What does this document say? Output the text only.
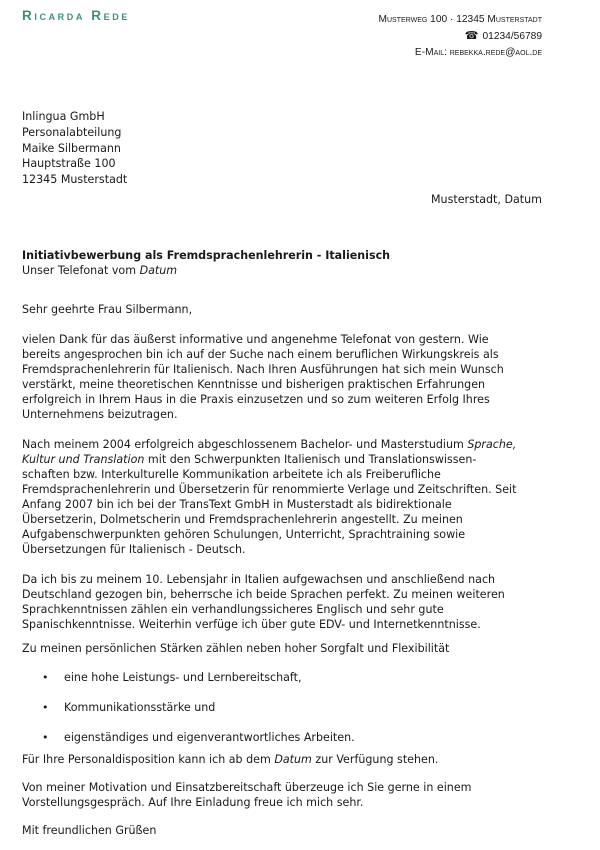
Ricarda Rede	Musterweg 100 · 12345 Musterstadt
☎ 01234/56789
E-Mail: rebekka.rede@aol.de
Inlingua GmbH
Personalabteilung
Maike Silbermann
Hauptstraße 100
12345 Musterstadt
Musterstadt, Datum
Initiativbewerbung als Fremdsprachenlehrerin - Italienisch
Unser Telefonat vom Datum

Sehr geehrte Frau Silbermann,

vielen Dank für das äußerst informative und angenehme Telefonat von gestern. Wie
bereits angesprochen bin ich auf der Suche nach einem beruflichen Wirkungskreis als
Fremdsprachenlehrerin für Italienisch. Nach Ihren Ausführungen hat sich mein Wunsch
verstärkt, meine theoretischen Kenntnisse und bisherigen praktischen Erfahrungen
erfolgreich in Ihrem Haus in die Praxis einzusetzen und so zum weiteren Erfolg Ihres
Unternehmens beizutragen.

Nach meinem 2004 erfolgreich abgeschlossenem Bachelor- und Masterstudium Sprache,
Kultur und Translation mit den Schwerpunkten Italienisch und Translationswissen-
schaften bzw. Interkulturelle Kommunikation arbeitete ich als Freiberufliche
Fremdsprachenlehrerin und Übersetzerin für renommierte Verlage und Zeitschriften. Seit
Anfang 2007 bin ich bei der TransText GmbH in Musterstadt als bidirektionale
Übersetzerin, Dolmetscherin und Fremdsprachenlehrerin angestellt. Zu meinen
Aufgabenschwerpunkten gehören Schulungen, Unterricht, Sprachtraining sowie
Übersetzungen für Italienisch - Deutsch.

Da ich bis zu meinem 10. Lebensjahr in Italien aufgewachsen und anschließend nach
Deutschland gezogen bin, beherrsche ich beide Sprachen perfekt. Zu meinen weiteren
Sprachkenntnissen zählen ein verhandlungssicheres Englisch und sehr gute
Spanischkenntnisse. Weiterhin verfüge ich über gute EDV- und Internetkenntnisse.

Zu meinen persönlichen Stärken zählen neben hoher Sorgfalt und Flexibilität

• eine hohe Leistungs- und Lernbereitschaft,
• Kommunikationsstärke und
• eigenständiges und eigenverantwortliches Arbeiten.

Für Ihre Personaldisposition kann ich ab dem Datum zur Verfügung stehen.

Von meiner Motivation und Einsatzbereitschaft überzeuge ich Sie gerne in einem
Vorstellungsgespräch. Auf Ihre Einladung freue ich mich sehr.

Mit freundlichen Grüßen
